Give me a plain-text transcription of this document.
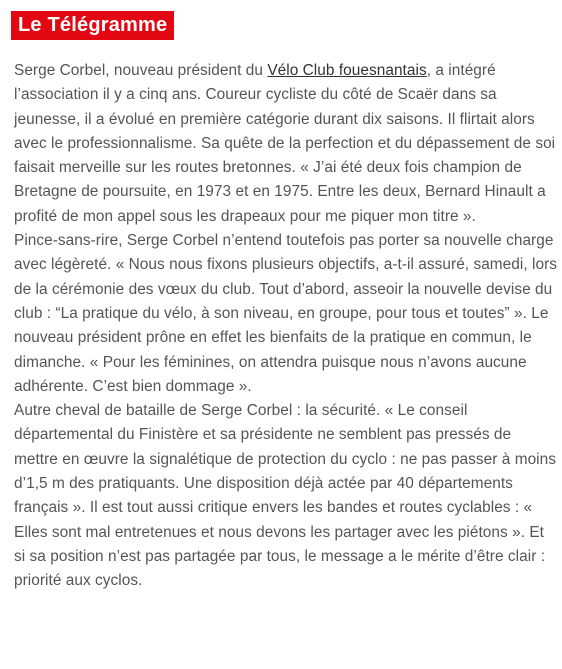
Le Télégramme

Serge Corbel, nouveau président du Vélo Club fouesnantais, a intégré l’association il y a cinq ans. Coureur cycliste du côté de Scaër dans sa jeunesse, il a évolué en première catégorie durant dix saisons. Il flirtait alors avec le professionnalisme. Sa quête de la perfection et du dépassement de soi faisait merveille sur les routes bretonnes. « J’ai été deux fois champion de Bretagne de poursuite, en 1973 et en 1975. Entre les deux, Bernard Hinault a profité de mon appel sous les drapeaux pour me piquer mon titre ».

Pince-sans-rire, Serge Corbel n’entend toutefois pas porter sa nouvelle charge avec légèreté. « Nous nous fixons plusieurs objectifs, a-t-il assuré, samedi, lors de la cérémonie des vœux du club. Tout d’abord, asseoir la nouvelle devise du club : “La pratique du vélo, à son niveau, en groupe, pour tous et toutes” ». Le nouveau président prône en effet les bienfaits de la pratique en commun, le dimanche. « Pour les féminines, on attendra puisque nous n’avons aucune adhérente. C’est bien dommage ».

Autre cheval de bataille de Serge Corbel : la sécurité. « Le conseil départemental du Finistère et sa présidente ne semblent pas pressés de mettre en œuvre la signalétique de protection du cyclo : ne pas passer à moins d’1,5 m des pratiquants. Une disposition déjà actée par 40 départements français ». Il est tout aussi critique envers les bandes et routes cyclables : « Elles sont mal entretenues et nous devons les partager avec les piétons ». Et si sa position n’est pas partagée par tous, le message a le mérite d’être clair : priorité aux cyclos.
